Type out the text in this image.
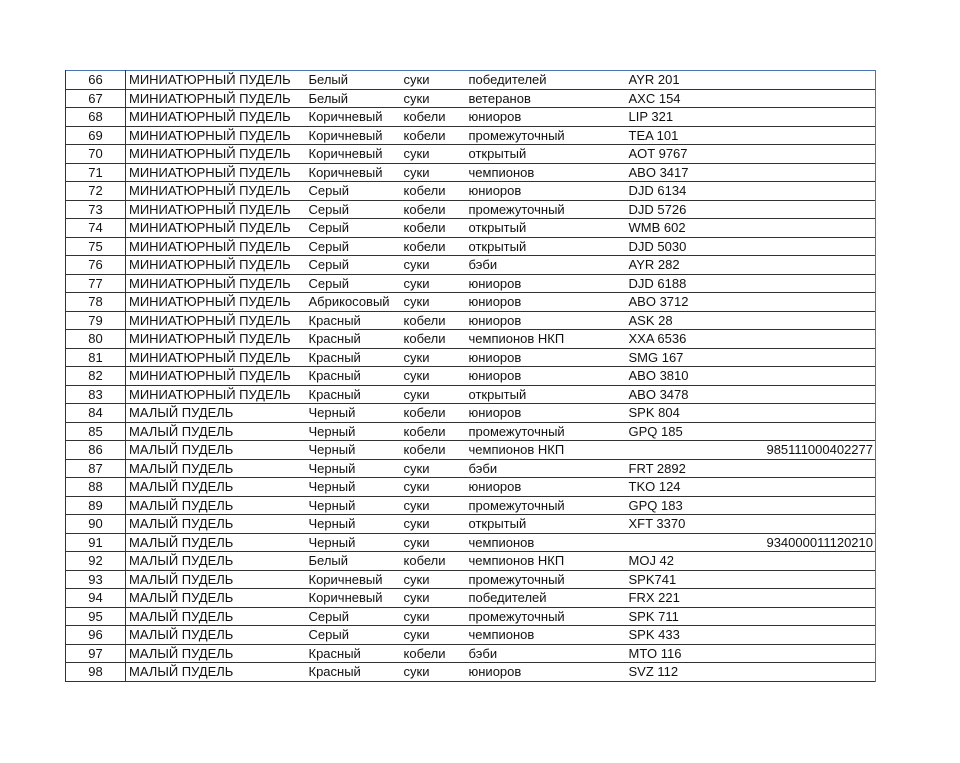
66	МИНИАТЮРНЫЙ ПУДЕЛЬ	Белый	суки	победителей	AYR 201	
67	МИНИАТЮРНЫЙ ПУДЕЛЬ	Белый	суки	ветеранов	AXC 154	
68	МИНИАТЮРНЫЙ ПУДЕЛЬ	Коричневый	кобели	юниоров	LIP 321	
69	МИНИАТЮРНЫЙ ПУДЕЛЬ	Коричневый	кобели	промежуточный	TEA 101	
70	МИНИАТЮРНЫЙ ПУДЕЛЬ	Коричневый	суки	открытый	AOT 9767	
71	МИНИАТЮРНЫЙ ПУДЕЛЬ	Коричневый	суки	чемпионов	ABO 3417	
72	МИНИАТЮРНЫЙ ПУДЕЛЬ	Серый	кобели	юниоров	DJD 6134	
73	МИНИАТЮРНЫЙ ПУДЕЛЬ	Серый	кобели	промежуточный	DJD 5726	
74	МИНИАТЮРНЫЙ ПУДЕЛЬ	Серый	кобели	открытый	WMB 602	
75	МИНИАТЮРНЫЙ ПУДЕЛЬ	Серый	кобели	открытый	DJD 5030	
76	МИНИАТЮРНЫЙ ПУДЕЛЬ	Серый	суки	бэби	AYR 282	
77	МИНИАТЮРНЫЙ ПУДЕЛЬ	Серый	суки	юниоров	DJD 6188	
78	МИНИАТЮРНЫЙ ПУДЕЛЬ	Абрикосовый	суки	юниоров	ABO 3712	
79	МИНИАТЮРНЫЙ ПУДЕЛЬ	Красный	кобели	юниоров	ASK 28	
80	МИНИАТЮРНЫЙ ПУДЕЛЬ	Красный	кобели	чемпионов НКП	XXA 6536	
81	МИНИАТЮРНЫЙ ПУДЕЛЬ	Красный	суки	юниоров	SMG 167	
82	МИНИАТЮРНЫЙ ПУДЕЛЬ	Красный	суки	юниоров	ABO 3810	
83	МИНИАТЮРНЫЙ ПУДЕЛЬ	Красный	суки	открытый	ABO 3478	
84	МАЛЫЙ ПУДЕЛЬ	Черный	кобели	юниоров	SPK 804	
85	МАЛЫЙ ПУДЕЛЬ	Черный	кобели	промежуточный	GPQ 185	
86	МАЛЫЙ ПУДЕЛЬ	Черный	кобели	чемпионов НКП		985111000402277
87	МАЛЫЙ ПУДЕЛЬ	Черный	суки	бэби	FRT 2892	
88	МАЛЫЙ ПУДЕЛЬ	Черный	суки	юниоров	TKO 124	
89	МАЛЫЙ ПУДЕЛЬ	Черный	суки	промежуточный	GPQ 183	
90	МАЛЫЙ ПУДЕЛЬ	Черный	суки	открытый	XFT 3370	
91	МАЛЫЙ ПУДЕЛЬ	Черный	суки	чемпионов		934000011120210
92	МАЛЫЙ ПУДЕЛЬ	Белый	кобели	чемпионов НКП	MOJ 42	
93	МАЛЫЙ ПУДЕЛЬ	Коричневый	суки	промежуточный	SPK741	
94	МАЛЫЙ ПУДЕЛЬ	Коричневый	суки	победителей	FRX 221	
95	МАЛЫЙ ПУДЕЛЬ	Серый	суки	промежуточный	SPK 711	
96	МАЛЫЙ ПУДЕЛЬ	Серый	суки	чемпионов	SPK 433	
97	МАЛЫЙ ПУДЕЛЬ	Красный	кобели	бэби	MTO 116	
98	МАЛЫЙ ПУДЕЛЬ	Красный	суки	юниоров	SVZ 112	
